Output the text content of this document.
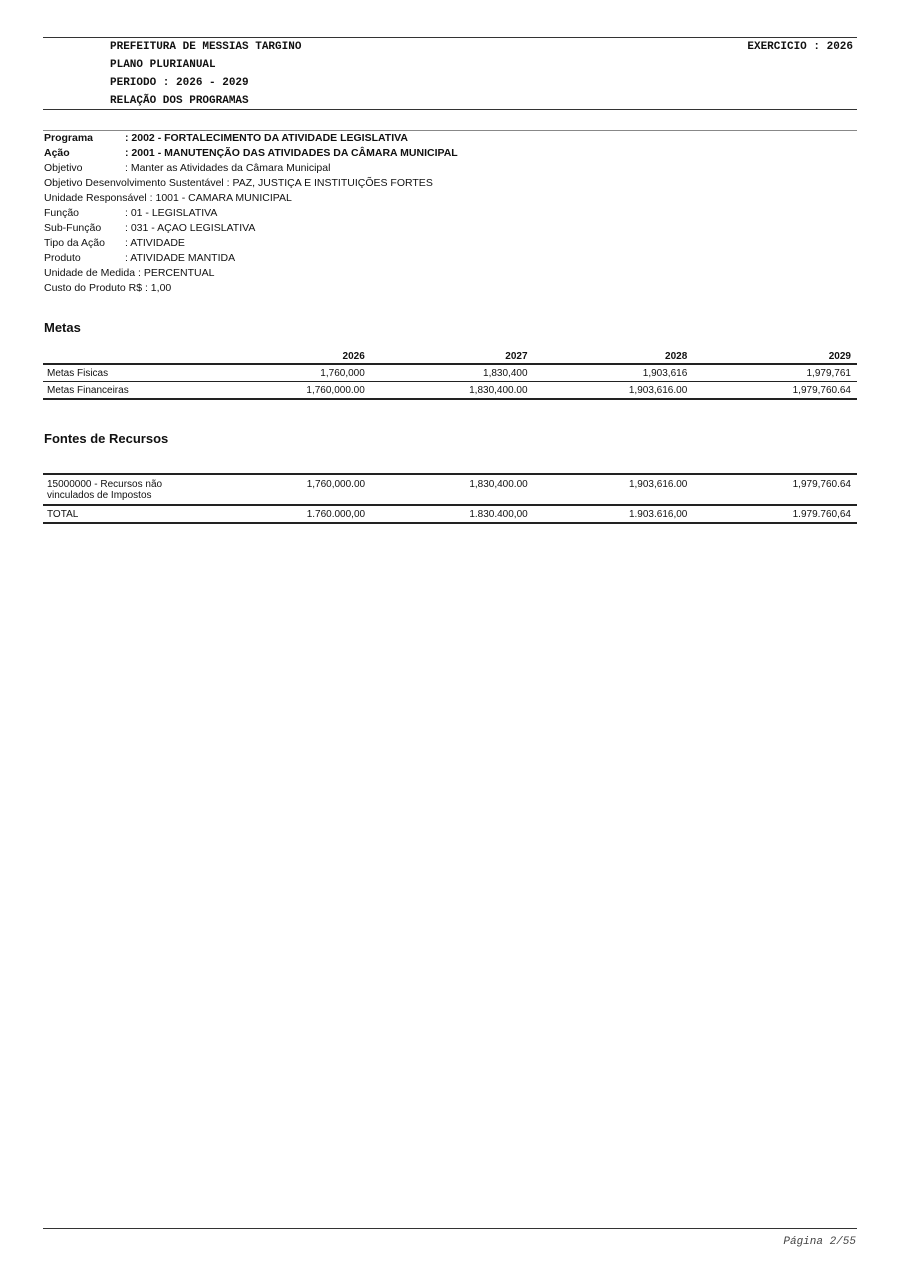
PREFEITURA DE MESSIAS TARGINO
PLANO PLURIANUAL
PERIODO : 2026 - 2029
RELAÇÃO DOS PROGRAMAS
EXERCICIO : 2026
Programa	: 2002 - FORTALECIMENTO DA ATIVIDADE LEGISLATIVA
Ação	: 2001 - MANUTENÇÃO DAS ATIVIDADES DA CÂMARA MUNICIPAL
Objetivo	: Manter as Atividades da Câmara Municipal
Objetivo Desenvolvimento Sustentável : PAZ, JUSTIÇA E INSTITUIÇÕES FORTES
Unidade Responsável : 1001 - CAMARA MUNICIPAL
Função	: 01 - LEGISLATIVA
Sub-Função	: 031 - AÇAO LEGISLATIVA
Tipo da Ação	: ATIVIDADE
Produto	: ATIVIDADE MANTIDA
Unidade de Medida : PERCENTUAL
Custo do Produto R$ : 1,00
Metas
	2026	2027	2028	2029
Metas Fisicas	1,760,000	1,830,400	1,903,616	1,979,761
Metas Financeiras	1,760,000.00	1,830,400.00	1,903,616.00	1,979,760.64
Fontes de Recursos
15000000 - Recursos não
vinculados de Impostos	1,760,000.00	1,830,400.00	1,903,616.00	1,979,760.64
TOTAL	1.760.000,00	1.830.400,00	1.903.616,00	1.979.760,64
Página 2/55
